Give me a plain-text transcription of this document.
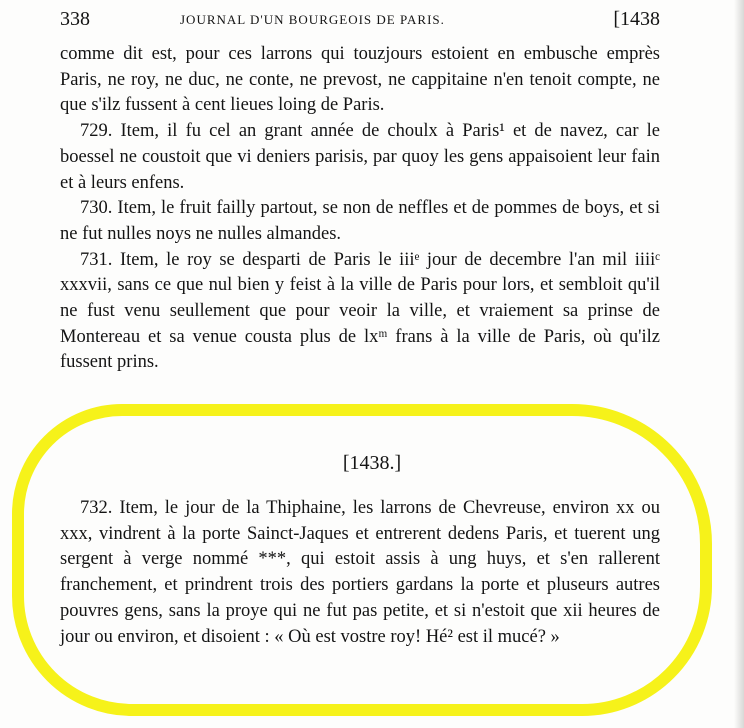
338	JOURNAL D'UN BOURGEOIS DE PARIS.	[1438

comme dit est, pour ces larrons qui touzjours estoient en embusche emprès Paris, ne roy, ne duc, ne conte, ne prevost, ne cappitaine n'en tenoit compte, ne que s'ilz fussent à cent lieues loing de Paris.

729. Item, il fu cel an grant année de choulx à Paris¹ et de navez, car le boessel ne coustoit que vi deniers parisis, par quoy les gens appaisoient leur fain et à leurs enfens.

730. Item, le fruit failly partout, se non de neffles et de pommes de boys, et si ne fut nulles noys ne nulles almandes.

731. Item, le roy se desparti de Paris le iiiᵉ jour de decembre l'an mil iiiiᶜ xxxvii, sans ce que nul bien y feist à la ville de Paris pour lors, et sembloit qu'il ne fust venu seullement que pour veoir la ville, et vraiement sa prinse de Montereau et sa venue cousta plus de lxᵐ frans à la ville de Paris, où qu'ilz fussent prins.

[1438.]

732. Item, le jour de la Thiphaine, les larrons de Chevreuse, environ xx ou xxx, vindrent à la porte Sainct-Jaques et entrerent dedens Paris, et tuerent ung sergent à verge nommé ***, qui estoit assis à ung huys, et s'en rallerent franchement, et prindrent trois des portiers gardans la porte et pluseurs autres pouvres gens, sans la proye qui ne fut pas petite, et si n'estoit que xii heures de jour ou environ, et disoient : « Où est vostre roy! Hé² est il mucé? »
